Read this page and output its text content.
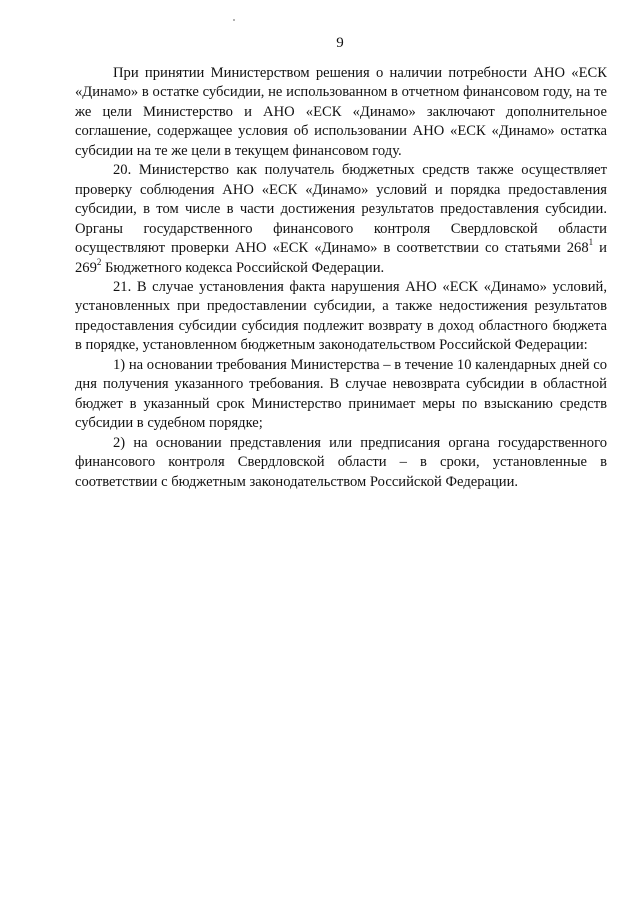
9

При принятии Министерством решения о наличии потребности АНО «ЕСК «Динамо» в остатке субсидии, не использованном в отчетном финансовом году, на те же цели Министерство и АНО «ЕСК «Динамо» заключают дополнительное соглашение, содержащее условия об использовании АНО «ЕСК «Динамо» остатка субсидии на те же цели в текущем финансовом году.

20. Министерство как получатель бюджетных средств также осуществляет проверку соблюдения АНО «ЕСК «Динамо» условий и порядка предоставления субсидии, в том числе в части достижения результатов предоставления субсидии. Органы государственного финансового контроля Свердловской области осуществляют проверки АНО «ЕСК «Динамо» в соответствии со статьями $268^1$ и $269^2$ Бюджетного кодекса Российской Федерации.

21. В случае установления факта нарушения АНО «ЕСК «Динамо» условий, установленных при предоставлении субсидии, а также недостижения результатов предоставления субсидии субсидия подлежит возврату в доход областного бюджета в порядке, установленном бюджетным законодательством Российской Федерации:

1) на основании требования Министерства – в течение 10 календарных дней со дня получения указанного требования. В случае невозврата субсидии в областной бюджет в указанный срок Министерство принимает меры по взысканию средств субсидии в судебном порядке;

2) на основании представления или предписания органа государственного финансового контроля Свердловской области – в сроки, установленные в соответствии с бюджетным законодательством Российской Федерации.
